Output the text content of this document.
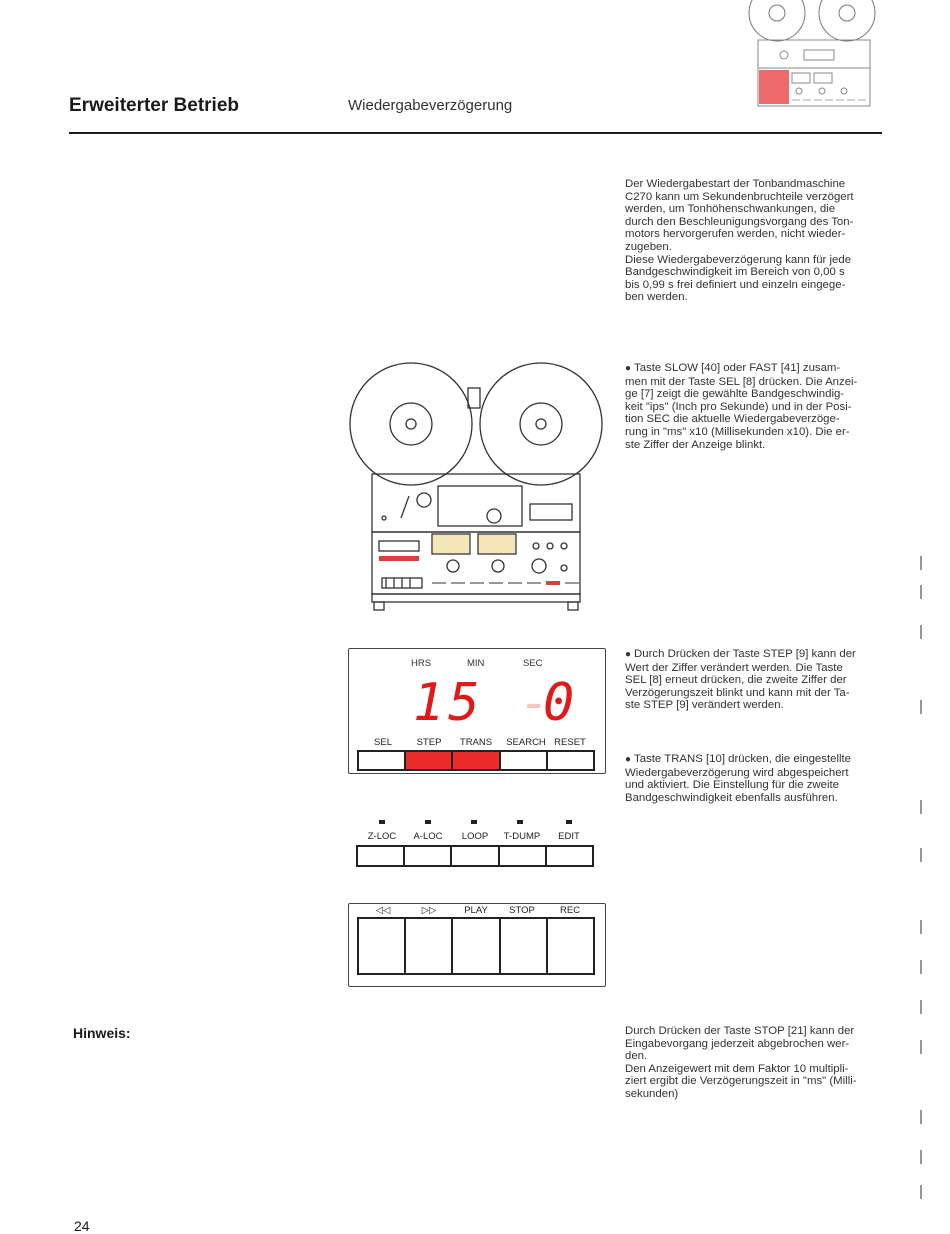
Erweiterter Betrieb	Wiedergabeverzögerung

Der Wiedergabestart der Tonbandmaschine

C270 kann um Sekundenbruchteile verzögert

werden, um Tonhöhenschwankungen, die

durch den Beschleunigungsvorgang des Ton-

motors hervorgerufen werden, nicht wieder-

zugeben.

Diese Wiedergabeverzögerung kann für jede

Bandgeschwindigkeit im Bereich von 0,00 s

bis 0,99 s frei definiert und einzeln eingege-

ben werden.

● Taste SLOW [40] oder FAST [41] zusam-

men mit der Taste SEL [8] drücken. Die Anzei-

ge [7] zeigt die gewählte Bandgeschwindig-

keit "ips" (Inch pro Sekunde) und in der Posi-

tion SEC die aktuelle Wiedergabeverzöge-

rung in "ms" x10 (Millisekunden x10). Die er-

ste Ziffer der Anzeige blinkt.

● Durch Drücken der Taste STEP [9] kann der

Wert der Ziffer verändert werden. Die Taste

SEL [8] erneut drücken, die zweite Ziffer der

Verzögerungszeit blinkt und kann mit der Ta-

ste STEP [9] verändert werden.

● Taste TRANS [10] drücken, die eingestellte

Wiedergabeverzögerung wird abgespeichert

und aktiviert. Die Einstellung für die zweite

Bandgeschwindigkeit ebenfalls ausführen.

HRS	MIN	SEC
15 -
0
SEL	STEP	TRANS	SEARCH RESET
Z-LOC	A-LOC	LOOP	T-DUMP	EDIT
◁◁	▷▷	PLAY	STOP	REC
Hinweis:	Durch Drücken der Taste STOP [21] kann der

Eingabevorgang jederzeit abgebrochen wer-

den.

Den Anzeigewert mit dem Faktor 10 multipli-

ziert ergibt die Verzögerungszeit in "ms" (Milli-

sekunden)

24
